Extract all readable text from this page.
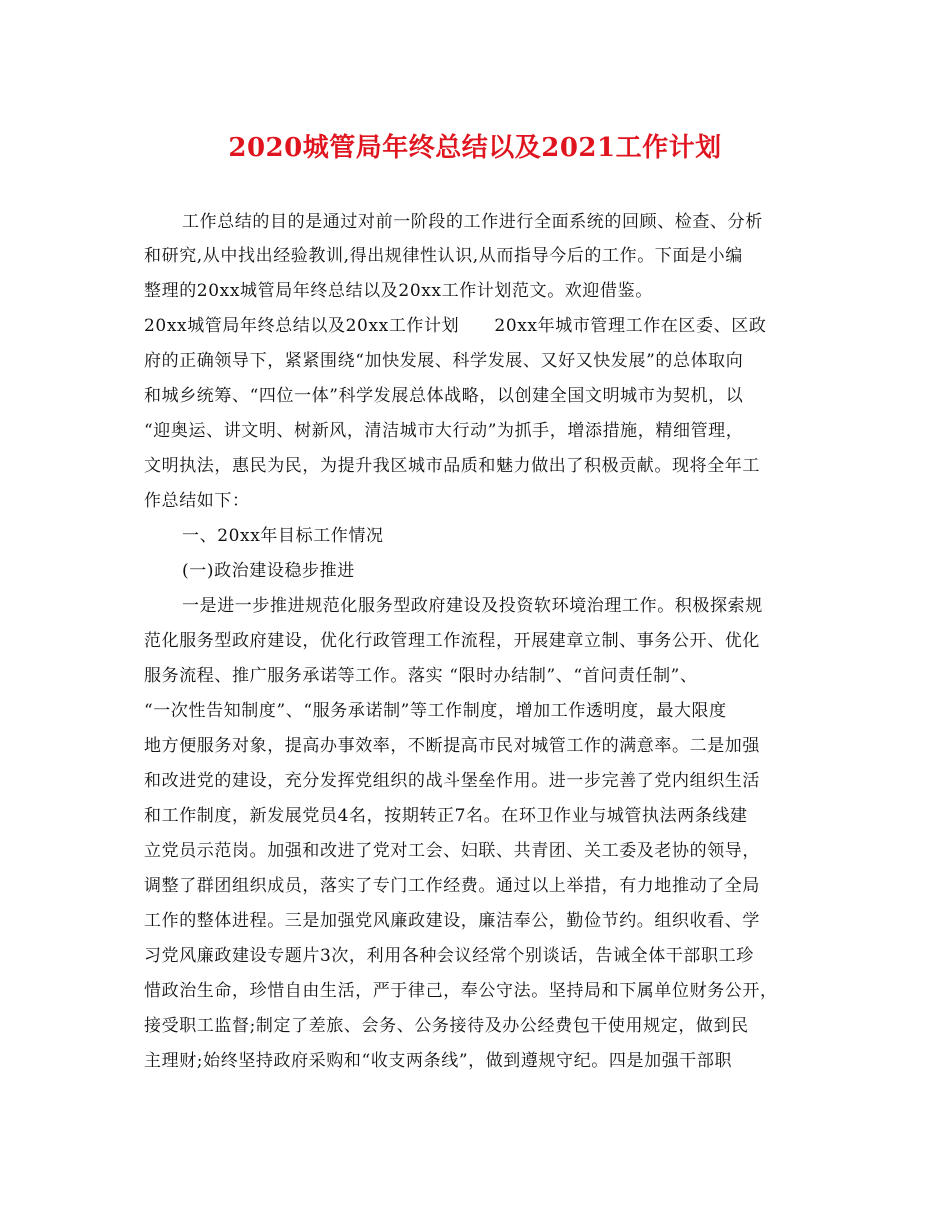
2020城管局年终总结以及2021工作计划
工作总结的目的是通过对前一阶段的工作进行全面系统的回顾、检查、分析
和研究,从中找出经验教训,得出规律性认识,从而指导今后的工作。下面是小编
整理的20xx城管局年终总结以及20xx工作计划范文。欢迎借鉴。
20xx城管局年终总结以及20xx工作计划　　20xx年城市管理工作在区委、区政
府的正确领导下，紧紧围绕“加快发展、科学发展、又好又快发展”的总体取向
和城乡统筹、“四位一体”科学发展总体战略，以创建全国文明城市为契机，以
“迎奥运、讲文明、树新风，清洁城市大行动”为抓手，增添措施，精细管理，
文明执法，惠民为民，为提升我区城市品质和魅力做出了积极贡献。现将全年工
作总结如下：
一、20xx年目标工作情况
(一)政治建设稳步推进
一是进一步推进规范化服务型政府建设及投资软环境治理工作。积极探索规
范化服务型政府建设，优化行政管理工作流程，开展建章立制、事务公开、优化
服务流程、推广服务承诺等工作。落实 “限时办结制”、“首问责任制”、
“一次性告知制度”、“服务承诺制”等工作制度，增加工作透明度，最大限度
地方便服务对象，提高办事效率，不断提高市民对城管工作的满意率。二是加强
和改进党的建设，充分发挥党组织的战斗堡垒作用。进一步完善了党内组织生活
和工作制度，新发展党员4名，按期转正7名。在环卫作业与城管执法两条线建
立党员示范岗。加强和改进了党对工会、妇联、共青团、关工委及老协的领导，
调整了群团组织成员，落实了专门工作经费。通过以上举措，有力地推动了全局
工作的整体进程。三是加强党风廉政建设，廉洁奉公，勤俭节约。组织收看、学
习党风廉政建设专题片3次，利用各种会议经常个别谈话，告诫全体干部职工珍
惜政治生命，珍惜自由生活，严于律己，奉公守法。坚持局和下属单位财务公开，
接受职工监督;制定了差旅、会务、公务接待及办公经费包干使用规定，做到民
主理财;始终坚持政府采购和“收支两条线”，做到遵规守纪。四是加强干部职
